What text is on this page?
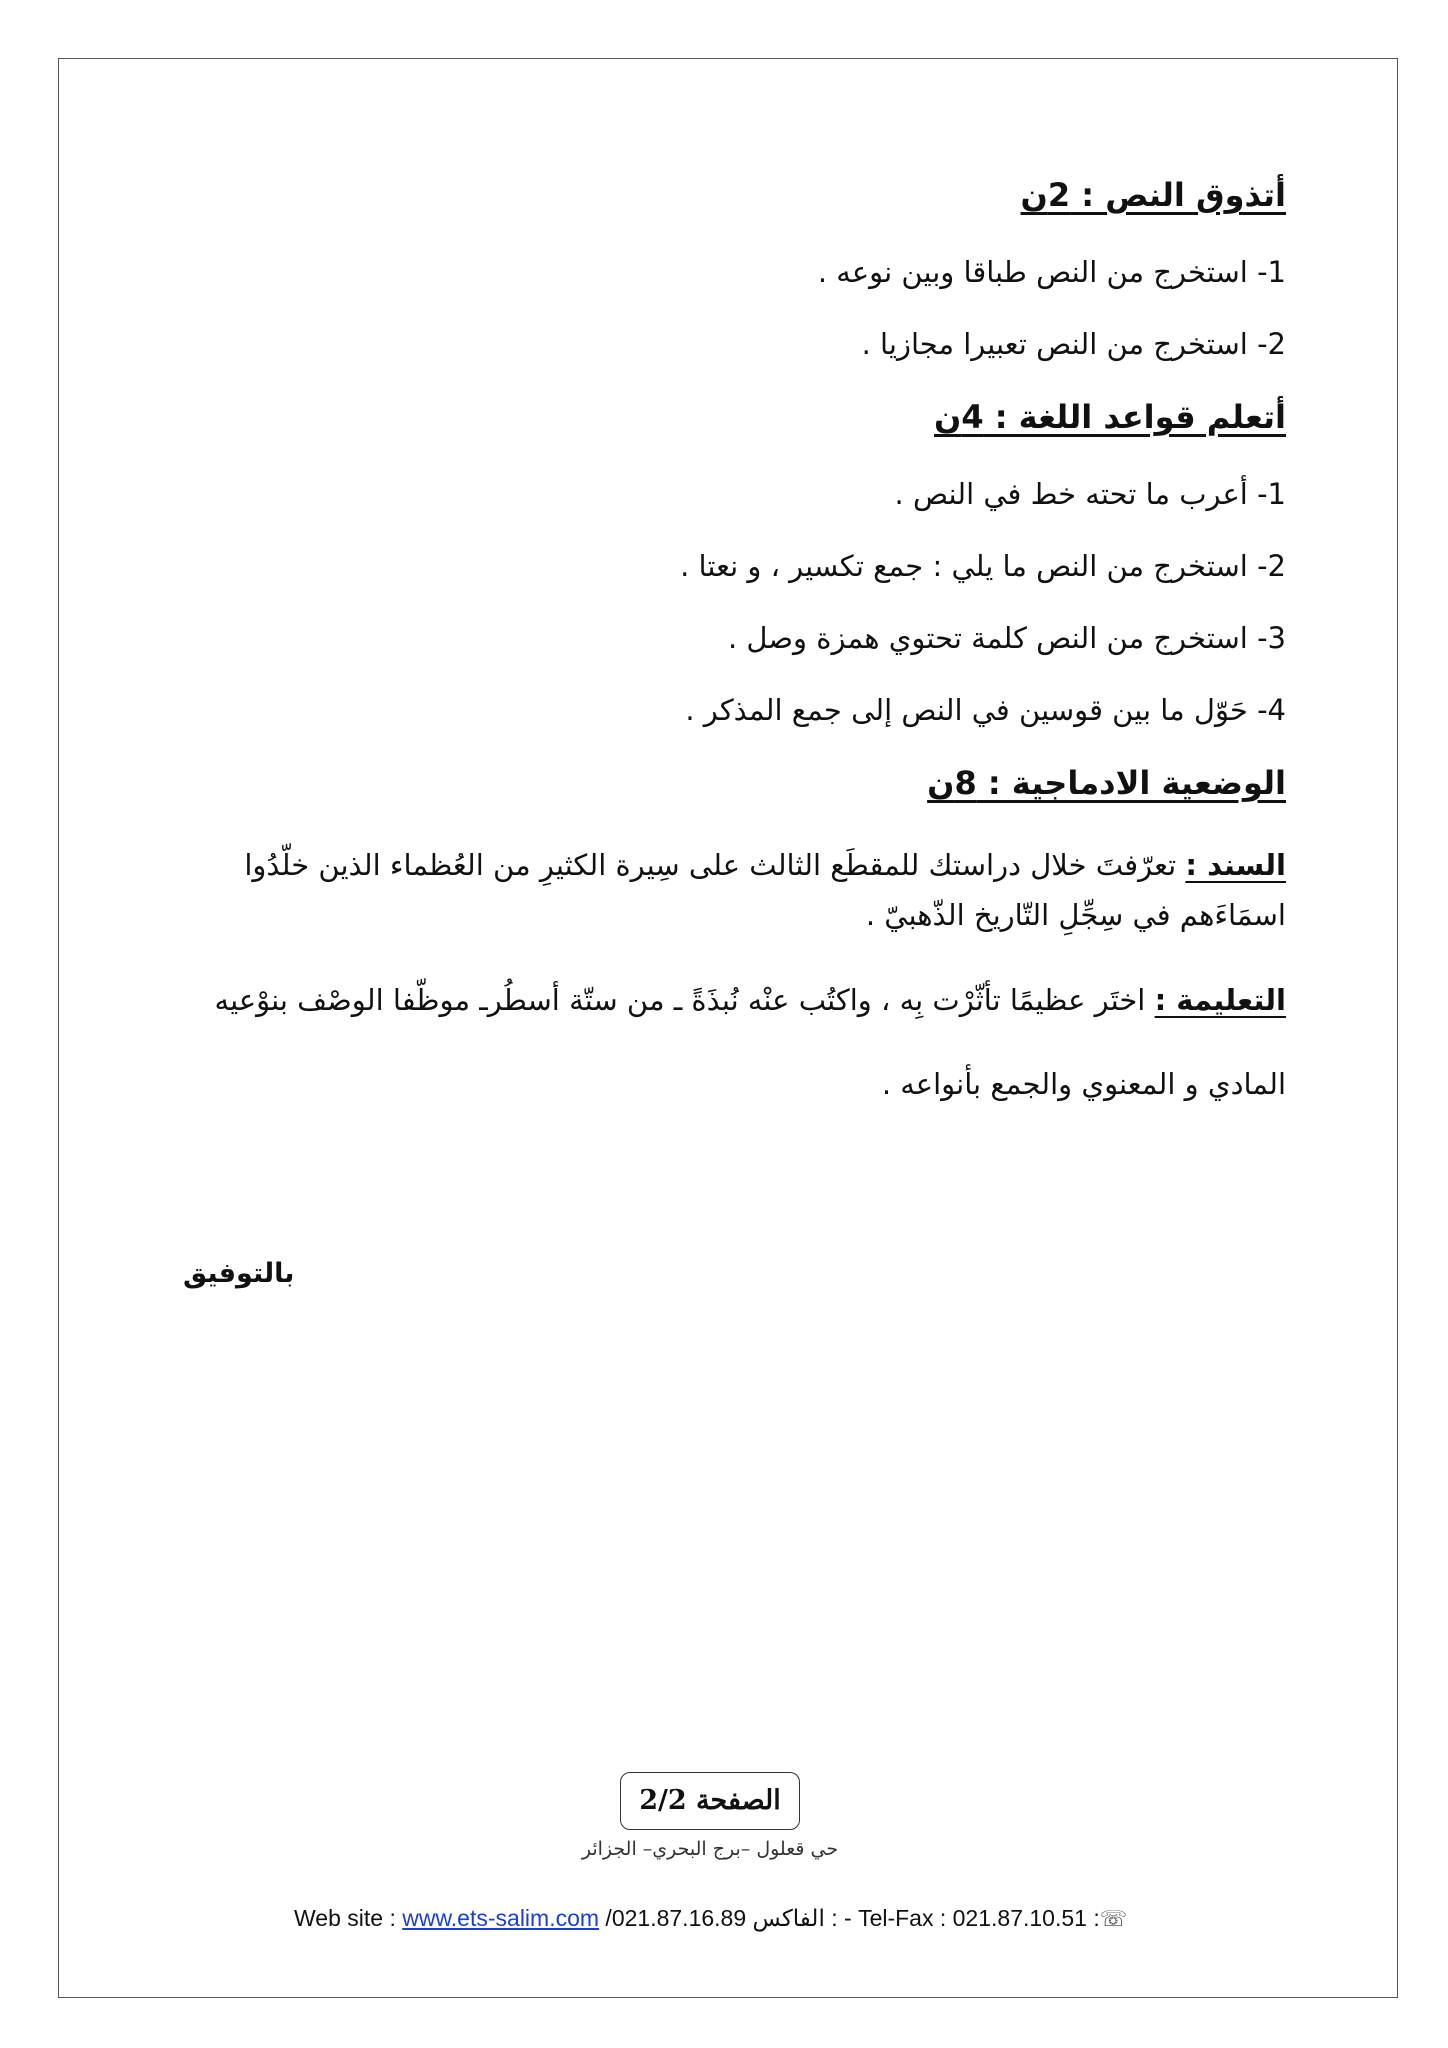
أتذوق النص : 2ن
1- استخرج من النص طباقا وبين نوعه .
2- استخرج من النص تعبيرا مجازيا .
أتعلم قواعد اللغة : 4ن
1- أعرب ما تحته خط في النص .
2- استخرج من النص ما يلي : جمع تكسير ، و نعتا .
3- استخرج من النص كلمة تحتوي همزة وصل .
4- حَوّل ما بين قوسين في النص إلى جمع المذكر .
الوضعية الادماجية : 8ن
السند : تعرّفتَ خلال دراستك للمقطَع الثالث على سِيرة الكثيرِ من العُظماء الذين خلّدُوا اسمَاءَهم في سِجِّلِ التّاريخ الذّهبيّ .
التعليمة : اختَر عظيمًا تأثّرْت بِه ، واكتُب عنْه نُبذَةً ـ من ستّة أسطُرـ موظّفا الوصْف بنوْعيه المادي و المعنوي والجمع بأنواعه .
بالتوفيق
الصفحة 2/2
حي قعلول –برج البحري– الجزائر
Web site : www.ets-salim.com /021.87.16.89 الفاكس : - Tel-Fax : 021.87.10.51 :☏
